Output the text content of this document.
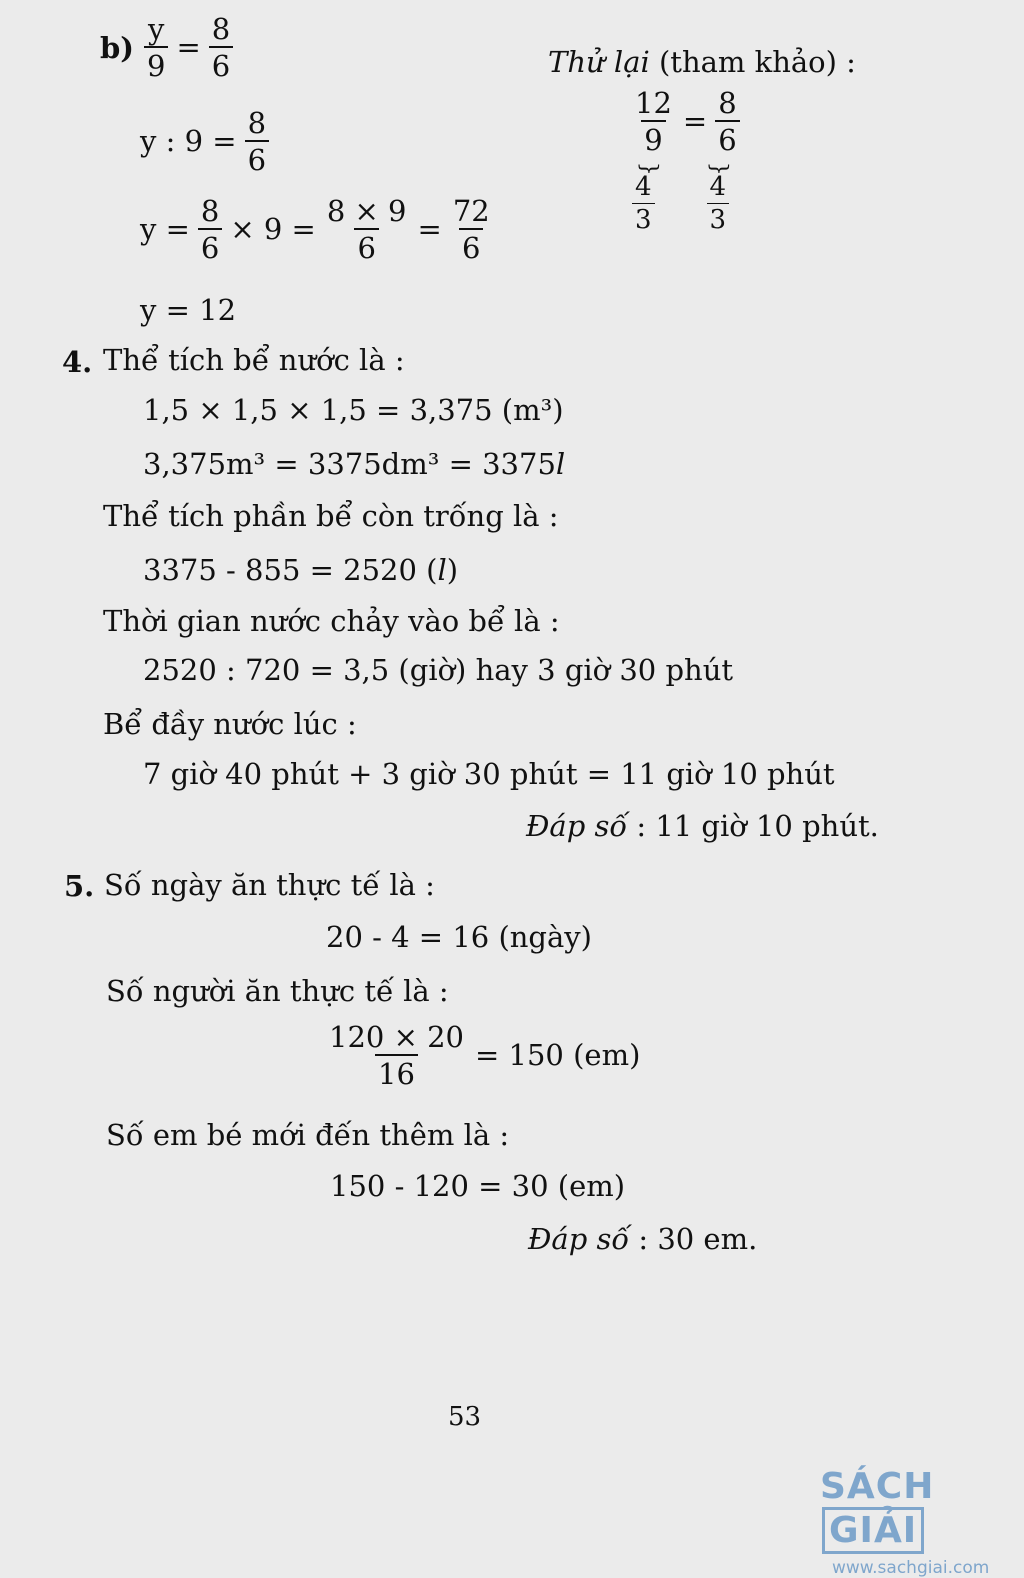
$b) \frac{y}{9} = \frac{8}{6}$
y : $9 = \frac{8}{6}$
$y = \frac{8}{6} \times 9 = \frac{8 \times 9}{6} = \frac{72}{6}$
y = 12
Thử lại (tham khảo) :
$\frac{12}{9} = \frac{8}{6}$
} }
$\frac{4}{3} \frac{4}{3}$
4. Thể tích bể nước là :
1,5 × 1,5 × 1,5 = 3,375 (m³)
3,375m³ = 3375dm³ = 3375l
Thể tích phần bể còn trống là :
3375 - 855 = 2520 (l)
Thời gian nước chảy vào bể là :
2520 : 720 = 3,5 (giờ) hay 3 giờ 30 phút
Bể đầy nước lúc :
7 giờ 40 phút + 3 giờ 30 phút = 11 giờ 10 phút
Đáp số : 11 giờ 10 phút.
5. Số ngày ăn thực tế là :
20 - 4 = 16 (ngày)
Số người ăn thực tế là :
$\frac{120 \times 20}{16} = 150$ (em)
Số em bé mới đến thêm là :
150 - 120 = 30 (em)
Đáp số : 30 em.
53
SÁCHGIẢI
www.sachgiai.com
